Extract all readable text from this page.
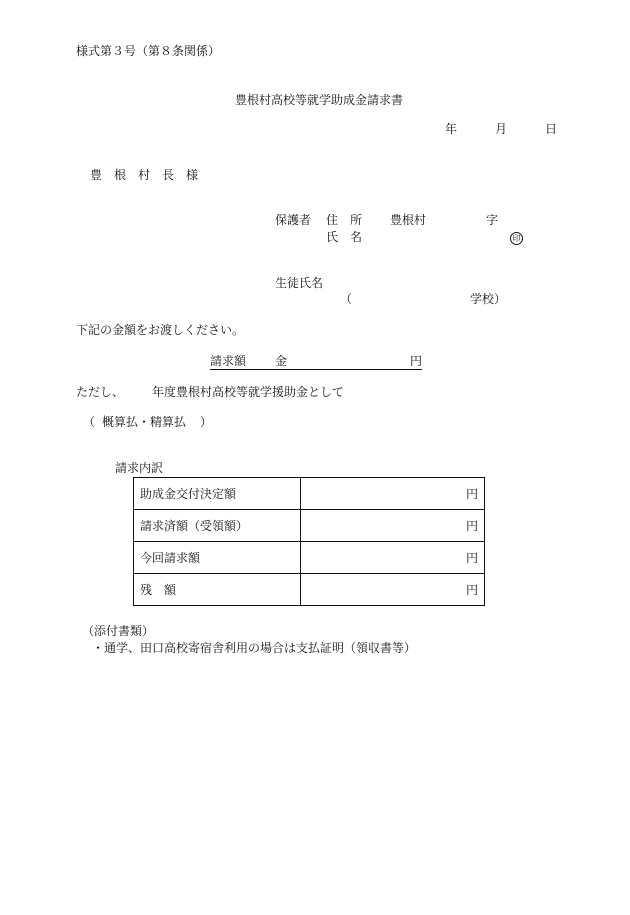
様式第３号（第８条関係）
豊根村高校等就学助成金請求書
年	月	日
豊　根　村　長　様
保護者 住　所 豊根村	字
氏　名	印
生徒氏名
（	学校）
下記の金額をお渡しください。
請求額 金	円
ただし、 年度豊根村高校等就学援助金として
（ 概算払・精算払 ）
請求内訳
助成金交付決定額	円
請求済額（受領額）	円
今回請求額	円
残　額	円
（添付書類）
・通学、田口高校寄宿舎利用の場合は支払証明（領収書等）
